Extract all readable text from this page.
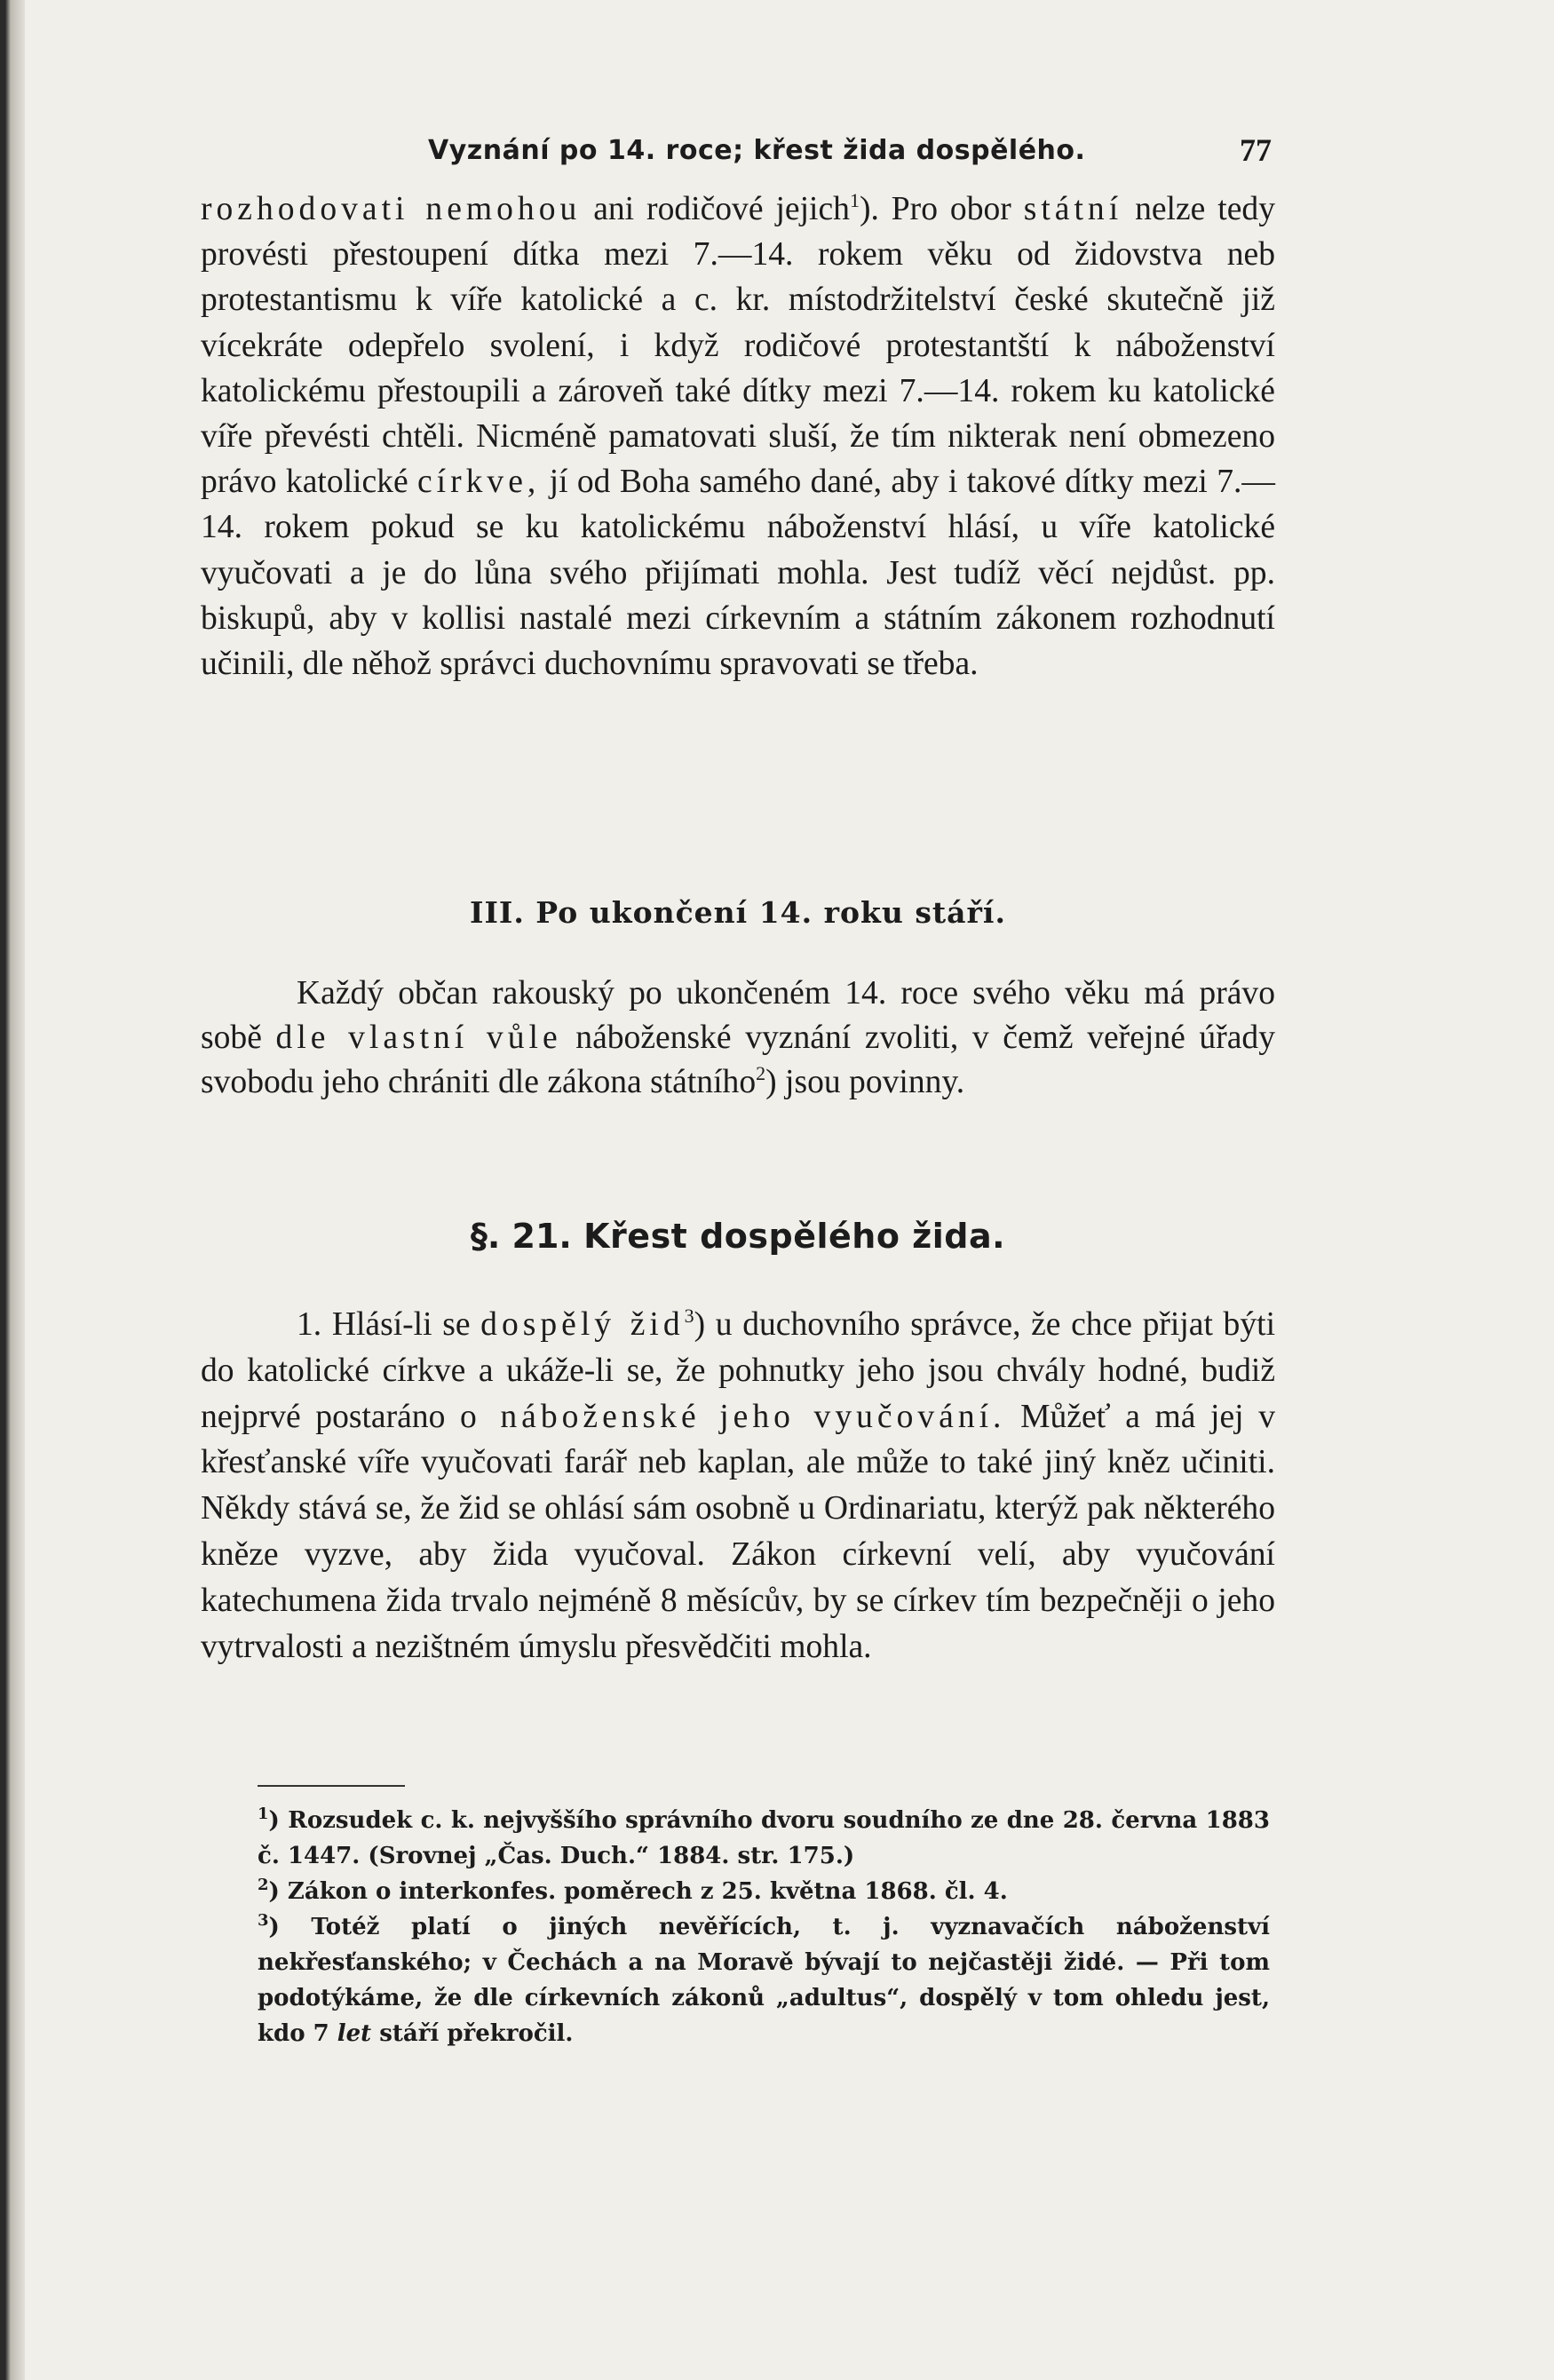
Vyznání po 14. roce; křest žida dospělého.	77

rozhodovati nemohou ani rodičové jejich$^1$). Pro obor státní nelze tedy provésti přestoupení dítka mezi 7.—14. rokem věku od židovstva neb protestantismu k víře katolické a c. kr. místodržitelství české skutečně již vícekráte odepřelo svolení, i když rodičové protestantští k náboženství katolickému přestoupili a zároveň také dítky mezi 7.—14. rokem ku katolické víře převésti chtěli. Nicméně pamatovati sluší, že tím nikterak není obmezeno právo katolické církve, jí od Boha samého dané, aby i takové dítky mezi 7.—14. rokem pokud se ku katolickému náboženství hlásí, u víře katolické vyučovati a je do lůna svého přijímati mohla. Jest tudíž věcí nejdůst. pp. biskupů, aby v kollisi nastalé mezi církevním a státním zákonem rozhodnutí učinili, dle něhož správci duchovnímu spravovati se třeba.

III. Po ukončení 14. roku stáří.

Každý občan rakouský po ukončeném 14. roce svého věku má právo sobě dle vlastní vůle náboženské vyznání zvoliti, v čemž veřejné úřady svobodu jeho chrániti dle zákona státního$^2$) jsou povinny.

§. 21. Křest dospělého žida.

1. Hlásí-li se dospělý žid$^3$) u duchovního správce, že chce přijat býti do katolické církve a ukáže-li se, že pohnutky jeho jsou chvály hodné, budiž nejprvé postaráno o náboženské jeho vyučování. Můžeť a má jej v křesťanské víře vyučovati farář neb kaplan, ale může to také jiný kněz učiniti. Někdy stává se, že žid se ohlásí sám osobně u Ordinariatu, kterýž pak některého kněze vyzve, aby žida vyučoval. Zákon církevní velí, aby vyučování katechumena žida trvalo nejméně 8 měsícův, by se církev tím bezpečněji o jeho vytrvalosti a nezištném úmyslu přesvědčiti mohla.

$^1$) Rozsudek c. k. nejvyššího správního dvoru soudního ze dne 28. června 1883 č. 1447. (Srovnej „Čas. Duch.“ 1884. str. 175.)
$^2$) Zákon o interkonfes. poměrech z 25. května 1868. čl. 4.
$^3$) Totéž platí o jiných nevěřících, t. j. vyznavačích náboženství nekřesťanského; v Čechách a na Moravě bývají to nejčastěji židé. — Při tom podotýkáme, že dle církevních zákonů „adultus“, dospělý v tom ohledu jest, kdo 7 let stáří překročil.
